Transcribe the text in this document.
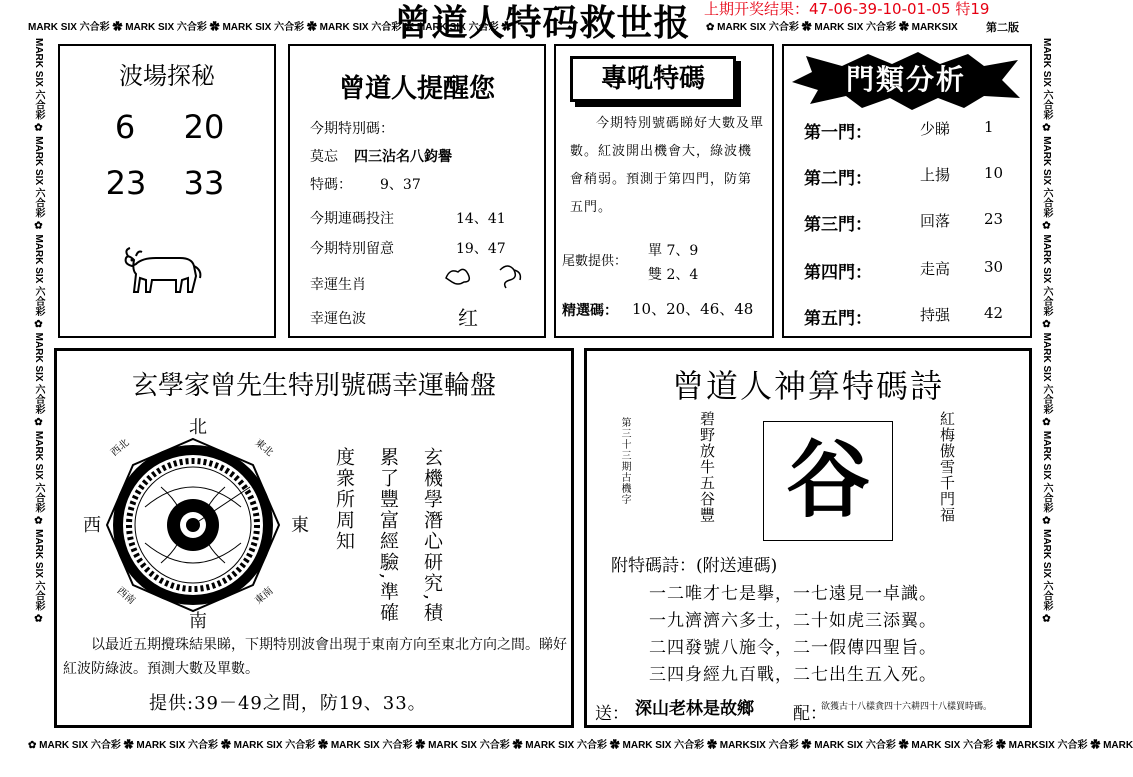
MARK SIX 六合彩 ✿ MARK SIX 六合彩 ✿ MARK SIX 六合彩 ✿ MARK SIX 六合彩 ✿ MARK SIX 六合彩 ✿	✿ MARK SIX 六合彩 ✿ MARK SIX 六合彩 ✿ MARKSIX	第二版
✿ MARK SIX 六合彩 ✿ MARK SIX 六合彩 ✿ MARK SIX 六合彩 ✿ MARK SIX 六合彩 ✿ MARK SIX 六合彩 ✿ MARK SIX 六合彩 ✿ MARK SIX 六合彩 ✿ MARKSIX 六合彩 ✿ MARK SIX 六合彩 ✿ MARK SIX 六合彩 ✿ MARKSIX 六合彩 ✿ MARK
MARK SIX 六合彩 ✿ MARK SIX 六合彩 ✿ MARK SIX 六合彩 ✿ MARK SIX 六合彩 ✿ MARK SIX 六合彩 ✿ MARK SIX 六合彩 ✿	MARK SIX 六合彩 ✿ MARK SIX 六合彩 ✿ MARK SIX 六合彩 ✿ MARK SIX 六合彩 ✿ MARK SIX 六合彩 ✿ MARK SIX 六合彩 ✿
曾道人特码救世报 上期开奖结果：47-06-39-10-01-05 特19
波場探秘
6	20
23	33
曾道人提醒您
今期特別碼：
莫忘 四三沾名八鈞譽
特碼： 9、37
今期連碼投注	14、41
今期特別留意	19、47
幸運生肖
幸運色波	红
專吼特碼
今期特別號碼睇好大數及單數。紅波開出機會大，綠波機會稍弱。預測于第四門，防第五門。
尾數提供：
單 7、9
雙 2、4
精選碼： 10、20、46、48
門類分析
第一門：	少睇 1
第二門：	上揚 10
第三門：	回落 23
第四門：	走高 30
第五門：	持强 42
玄學家曾先生特別號碼幸運輪盤
北
南
西	東
西北	東北
西南	東南	玄機學潛心研究,積
累了豐富經驗,準確
度衆所周知
以最近五期攪珠結果睇，下期特別波會出現于東南方向至東北方向之間。睇好紅波防綠波。預測大數及單數。
提供:39－49之間，防19、33。
曾道人神算特碼詩
第三十三期古機字	碧野放牛五谷豐	紅梅傲雪千門福
谷
附特碼詩：(附送連碼)
一二唯才七是擧，一七遠見一卓識。
一九濟濟六多士，二十如虎三添翼。
二四發號八施令，二一假傳四聖旨。
三四身經九百戰，二七出生五入死。
送： 深山老林是故鄉 配：
欲獲古十八樣貪四十六耕四十八樣買時碼。
